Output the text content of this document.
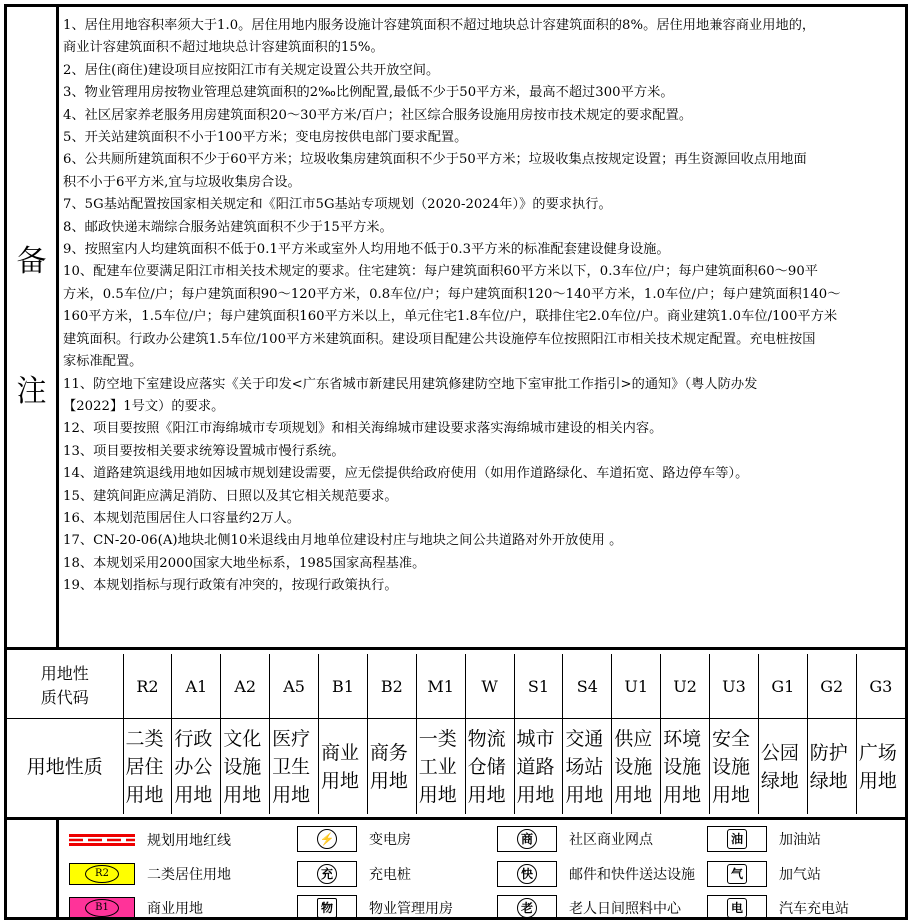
备
注
1、居住用地容积率须大于1.0。居住用地内服务设施计容建筑面积不超过地块总计容建筑面积的8%。居住用地兼容商业用地的，
商业计容建筑面积不超过地块总计容建筑面积的15%。
2、居住(商住)建设项目应按阳江市有关规定设置公共开放空间。
3、物业管理用房按物业管理总建筑面积的2‰比例配置,最低不少于50平方米，最高不超过300平方米。
4、社区居家养老服务用房建筑面积20～30平方米/百户；社区综合服务设施用房按市技术规定的要求配置。
5、开关站建筑面积不小于100平方米；变电房按供电部门要求配置。
6、公共厕所建筑面积不少于60平方米；垃圾收集房建筑面积不少于50平方米；垃圾收集点按规定设置；再生资源回收点用地面
积不小于6平方米,宜与垃圾收集房合设。
7、5G基站配置按国家相关规定和《阳江市5G基站专项规划（2020-2024年）》的要求执行。
8、邮政快递末端综合服务站建筑面积不少于15平方米。
9、按照室内人均建筑面积不低于0.1平方米或室外人均用地不低于0.3平方米的标准配套建设健身设施。
10、配建车位要满足阳江市相关技术规定的要求。住宅建筑：每户建筑面积60平方米以下，0.3车位/户；每户建筑面积60～90平
方米，0.5车位/户；每户建筑面积90～120平方米，0.8车位/户；每户建筑面积120～140平方米，1.0车位/户；每户建筑面积140～
160平方米，1.5车位/户；每户建筑面积160平方米以上，单元住宅1.8车位/户，联排住宅2.0车位/户。商业建筑1.0车位/100平方米
建筑面积。行政办公建筑1.5车位/100平方米建筑面积。建设项目配建公共设施停车位按照阳江市相关技术规定配置。充电桩按国
家标准配置。
11、防空地下室建设应落实《关于印发<广东省城市新建民用建筑修建防空地下室审批工作指引>的通知》（粤人防办发
【2022】1号文）的要求。
12、项目要按照《阳江市海绵城市专项规划》和相关海绵城市建设要求落实海绵城市建设的相关内容。
13、项目要按相关要求统筹设置城市慢行系统。
14、道路建筑退线用地如因城市规划建设需要，应无偿提供给政府使用（如用作道路绿化、车道拓宽、路边停车等）。
15、建筑间距应满足消防、日照以及其它相关规范要求。
16、本规划范围居住人口容量约2万人。
17、CN-20-06(A)地块北侧10米退线由月地单位建设村庄与地块之间公共道路对外开放使用 。
18、本规划采用2000国家大地坐标系，1985国家高程基准。
19、本规划指标与现行政策有冲突的，按现行政策执行。
用地性
质代码	R2	A1	A2	A5	B1	B2	M1	W	S1	S4	U1	U2	U3	G1	G2	G3

用地性质	二类居住用地	行政办公用地	文化设施用地	医疗卫生用地	商业用地	商务用地	一类工业用地	物流仓储用地	城市道路用地	交通场站用地	供应设施用地	环境设施用地	安全设施用地	公园绿地	防护绿地	广场用地
规划用地红线
R2	二类居住用地
B1	商业用地
⚡ 变电房
充	充电桩
物	物业管理用房
商	社区商业网点
快	邮件和快件送达设施
老	老人日间照料中心
油	加油站
气	加气站
电	汽车充电站
